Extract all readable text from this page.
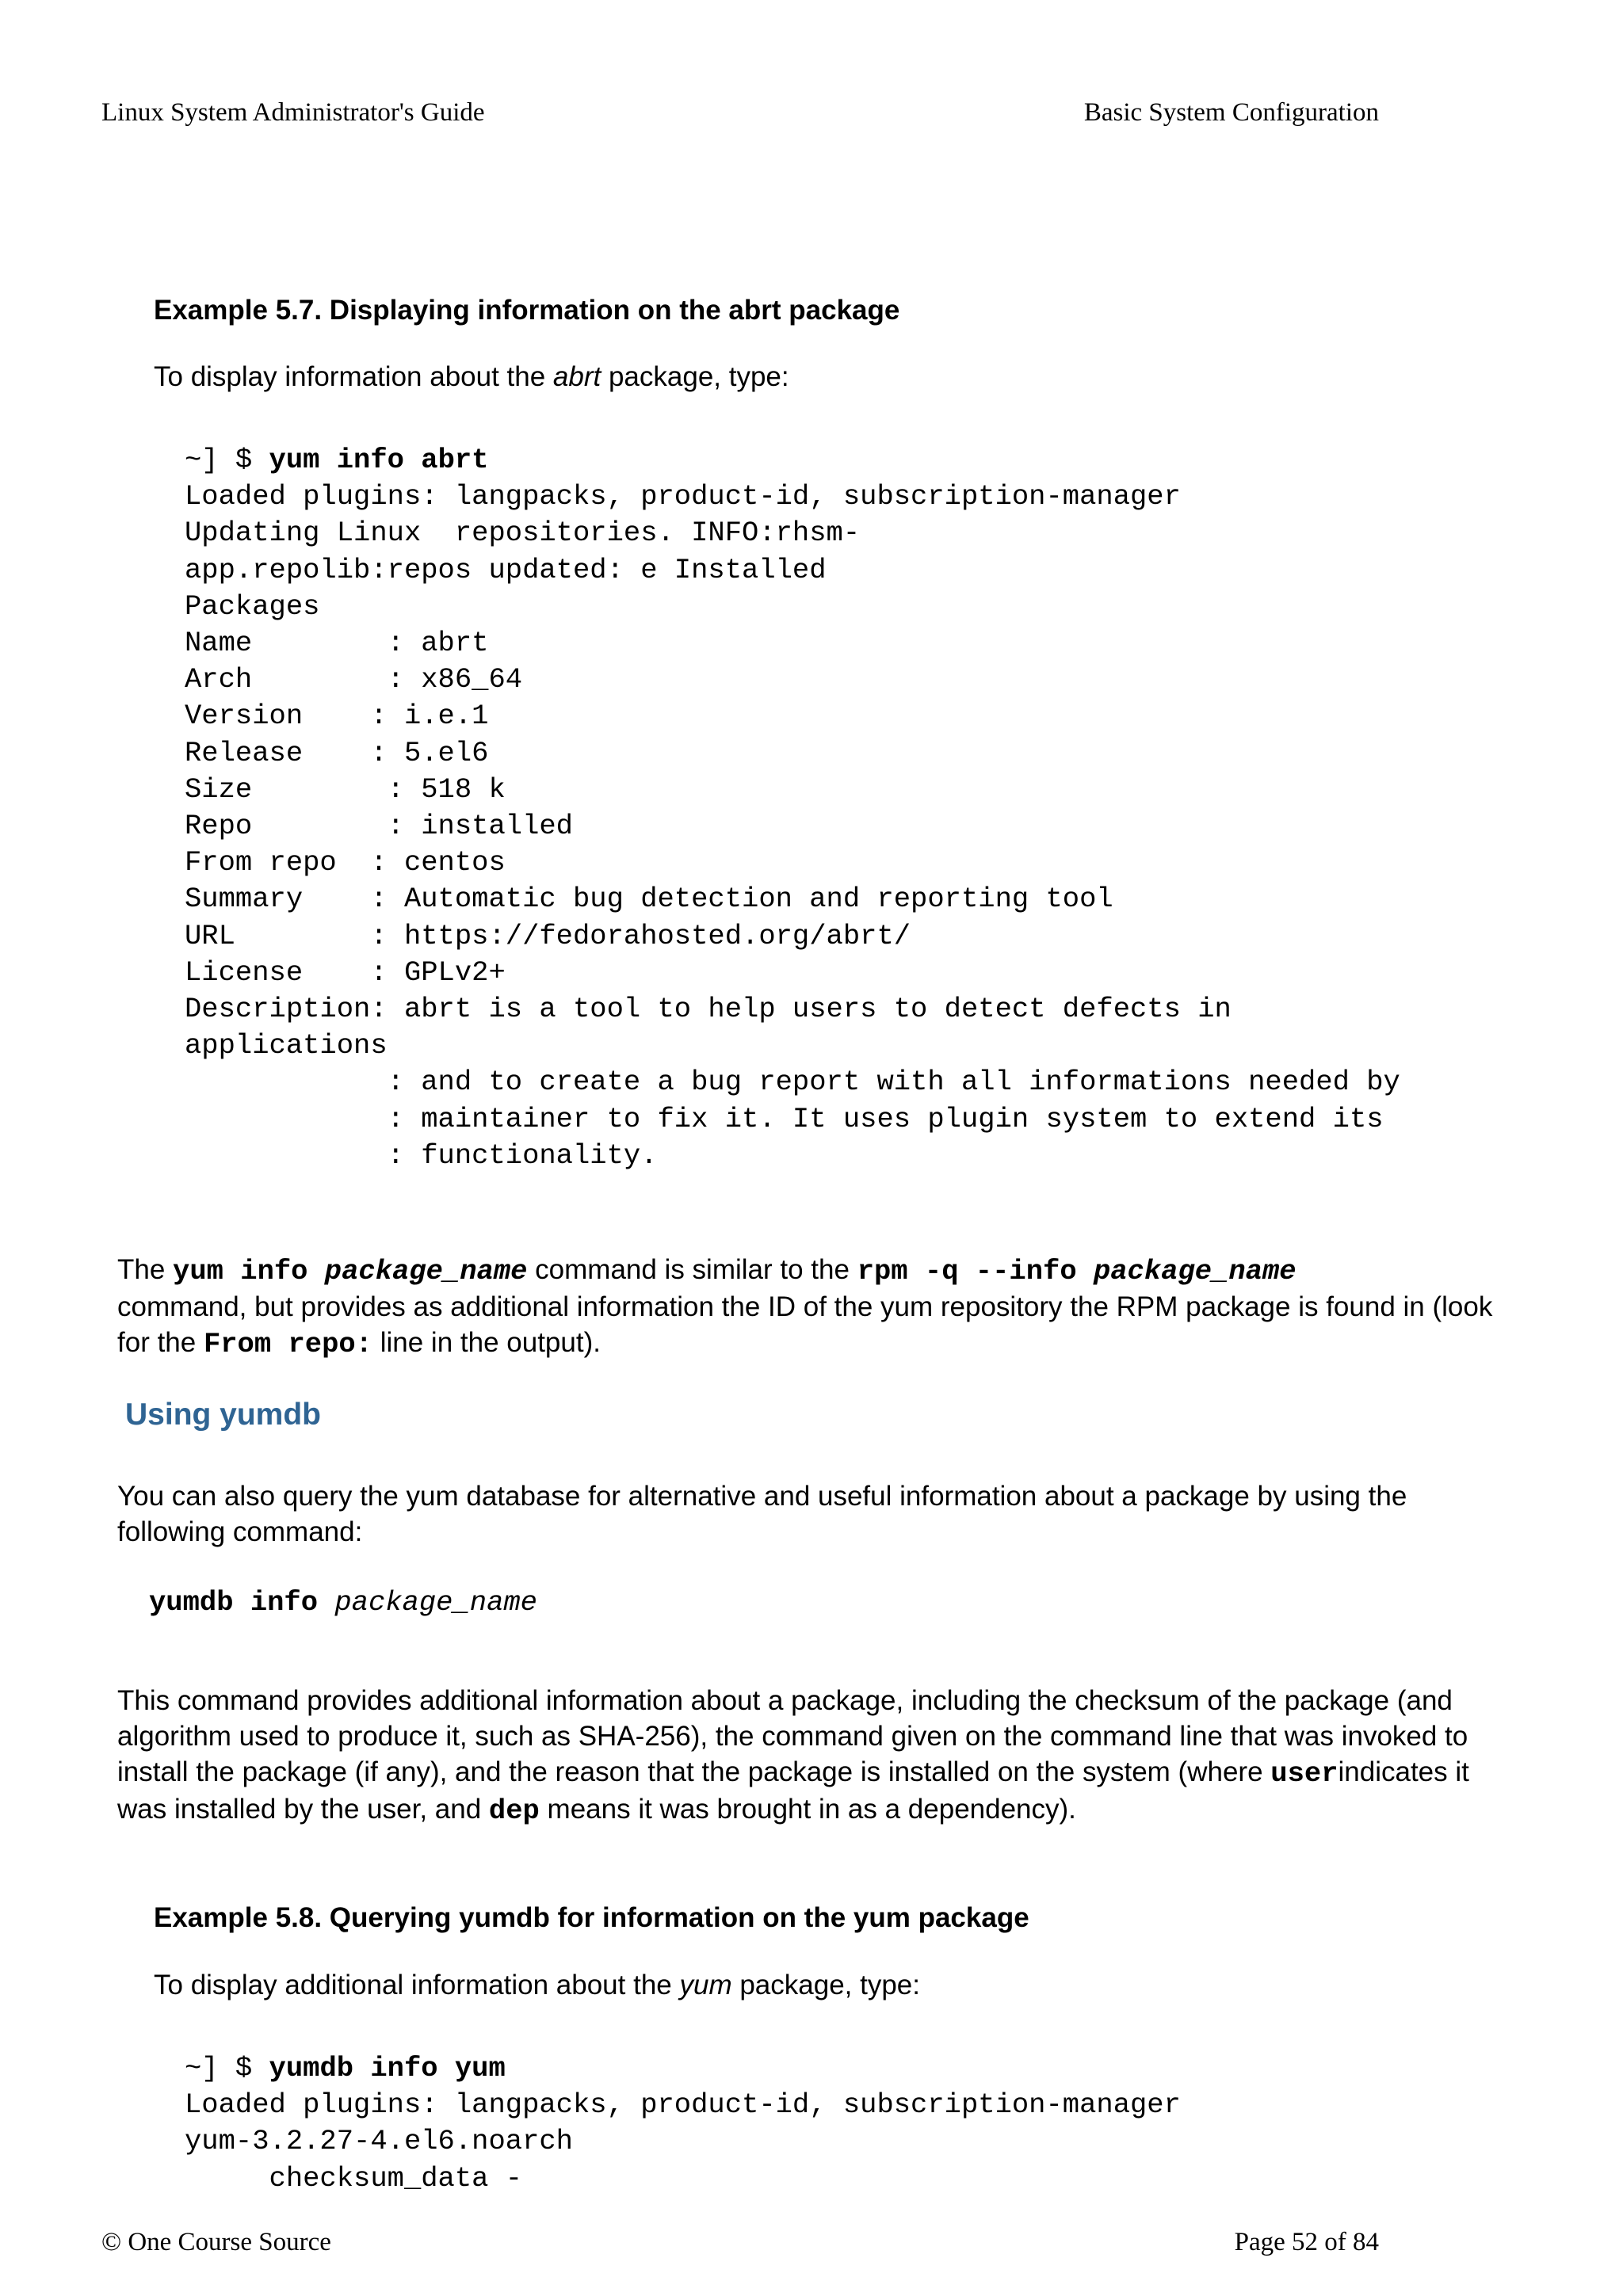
Linux System Administrator's Guide	Basic System Configuration
Example 5.7. Displaying information on the abrt package
To display information about the abrt package, type:
~] $ yum info abrt
Loaded plugins: langpacks, product-id, subscription-manager
Updating Linux  repositories. INFO:rhsm-
app.repolib:repos updated: e Installed
Packages
Name        : abrt
Arch        : x86_64
Version    : i.e.1
Release    : 5.el6
Size        : 518 k
Repo        : installed
From repo  : centos
Summary    : Automatic bug detection and reporting tool
URL        : https://fedorahosted.org/abrt/
License    : GPLv2+
Description: abrt is a tool to help users to detect defects in
applications
: and to create a bug report with all informations needed by
: maintainer to fix it. It uses plugin system to extend its
: functionality.
The yum info package_name command is similar to the rpm -q --info package_name
command, but provides as additional information the ID of the yum repository the RPM package is found in (look for the From repo: line in the output).
Using yumdb
You can also query the yum database for alternative and useful information about a package by using the following command:
yumdb info package_name
This command provides additional information about a package, including the checksum of the package (and algorithm used to produce it, such as SHA-256), the command given on the command line that was invoked to install the package (if any), and the reason that the package is installed on the system (where userindicates it was installed by the user, and dep means it was brought in as a dependency).
Example 5.8. Querying yumdb for information on the yum package
To display additional information about the yum package, type:
~] $ yumdb info yum
Loaded plugins: langpacks, product-id, subscription-manager
yum-3.2.27-4.el6.noarch
checksum_data -
© One Course Source	Page 52 of 84
